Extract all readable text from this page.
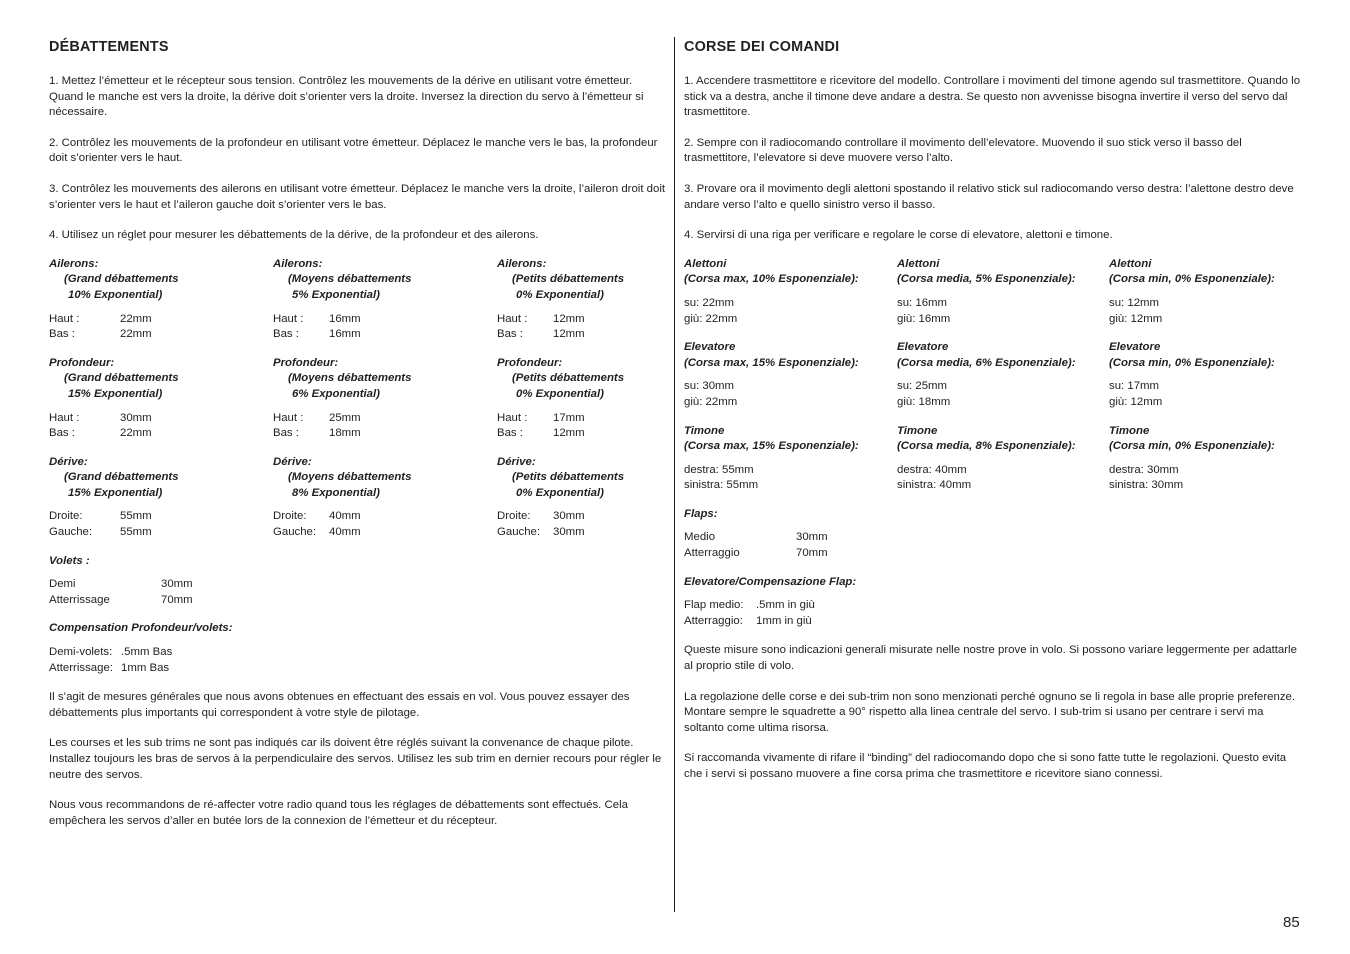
DÉBATTEMENTS

1. Mettez l’émetteur et le récepteur sous tension. Contrôlez les mouvements de la dérive en utilisant votre émetteur. Quand le manche est vers la droite, la dérive doit s’orienter vers la droite. Inversez la direction du servo à l’émetteur si nécessaire.

2. Contrôlez les mouvements de la profondeur en utilisant votre émetteur. Déplacez le manche vers le bas, la profondeur doit s’orienter vers le haut.

3. Contrôlez les mouvements des ailerons en utilisant votre émetteur. Déplacez le manche vers la droite, l’aileron droit doit s’orienter vers le haut et l’aileron gauche doit s’orienter vers le bas.

4. Utilisez un réglet pour mesurer les débattements de la dérive, de la profondeur et des ailerons.

Ailerons:
(Grand débattements
10% Exponential)
Haut :	22mm
Bas :	22mm
Ailerons:
(Moyens débattements
5% Exponential)
Haut :	16mm
Bas :	16mm
Ailerons:
(Petits débattements
0% Exponential)
Haut :	12mm
Bas :	12mm
Profondeur:
(Grand débattements
15% Exponential)
Haut :	30mm
Bas :	22mm
Profondeur:
(Moyens débattements
6% Exponential)
Haut :	25mm
Bas :	18mm
Profondeur:
(Petits débattements
0% Exponential)
Haut :	17mm
Bas :	12mm
Dérive:
(Grand débattements
15% Exponential)
Droite:	55mm
Gauche:	55mm
Dérive:
(Moyens débattements
8% Exponential)
Droite:	40mm
Gauche:	40mm
Dérive:
(Petits débattements
0% Exponential)
Droite:	30mm
Gauche:	30mm
Volets :
Demi	30mm
Atterrissage	70mm
Compensation Profondeur/volets:
Demi-volets: .5mm Bas
Atterrissage: 1mm Bas

Il s’agit de mesures générales que nous avons obtenues en effectuant des essais en vol. Vous pouvez essayer des débattements plus importants qui correspondent à votre style de pilotage.

Les courses et les sub trims ne sont pas indiqués car ils doivent être réglés suivant la convenance de chaque pilote. Installez toujours les bras de servos à la perpendiculaire des servos. Utilisez les sub trim en dernier recours pour régler le neutre des servos.

Nous vous recommandons de ré-affecter votre radio quand tous les réglages de débattements sont effectués. Cela empêchera les servos d’aller en butée lors de la connexion de l’émetteur et du récepteur.

CORSE DEI COMANDI

1. Accendere trasmettitore e ricevitore del modello. Controllare i movimenti del timone agendo sul trasmettitore. Quando lo stick va a destra, anche il timone deve andare a destra. Se questo non avvenisse bisogna invertire il verso del servo dal trasmettitore.

2. Sempre con il radiocomando controllare il movimento dell’elevatore. Muovendo il suo stick verso il basso del trasmettitore, l’elevatore si deve muovere verso l’alto.

3. Provare ora il movimento degli alettoni spostando il relativo stick sul radiocomando verso destra: l’alettone destro deve andare verso l’alto e quello sinistro verso il basso.

4. Servirsi di una riga per verificare e regolare le corse di elevatore, alettoni e timone.

Alettoni
(Corsa max, 10% Esponenziale):
su: 22mm
giù: 22mm
Alettoni
(Corsa media, 5% Esponenziale):
su: 16mm
giù: 16mm
Alettoni
(Corsa min, 0% Esponenziale):
su: 12mm
giù: 12mm
Elevatore
(Corsa max, 15% Esponenziale):
su: 30mm
giù: 22mm
Elevatore
(Corsa media, 6% Esponenziale):
su: 25mm
giù: 18mm
Elevatore
(Corsa min, 0% Esponenziale):
su: 17mm
giù: 12mm
Timone
(Corsa max, 15% Esponenziale):
destra: 55mm
sinistra: 55mm
Timone
(Corsa media, 8% Esponenziale):
destra: 40mm
sinistra: 40mm
Timone
(Corsa min, 0% Esponenziale):
destra: 30mm
sinistra: 30mm
Flaps:
Medio	30mm
Atterraggio	70mm
Elevatore/Compensazione Flap:
Flap medio:	.5mm in giù
Atterraggio:	1mm in giù

Queste misure sono indicazioni generali misurate nelle nostre prove in volo. Si possono variare leggermente per adattarle al proprio stile di volo.

La regolazione delle corse e dei sub-trim non sono menzionati perché ognuno se li regola in base alle proprie preferenze. Montare sempre le squadrette a 90° rispetto alla linea centrale del servo. I sub-trim si usano per centrare i servi ma soltanto come ultima risorsa.

Si raccomanda vivamente di rifare il “binding” del radiocomando dopo che si sono fatte tutte le regolazioni. Questo evita che i servi si possano muovere a fine corsa prima che trasmettitore e ricevitore siano connessi.

85
